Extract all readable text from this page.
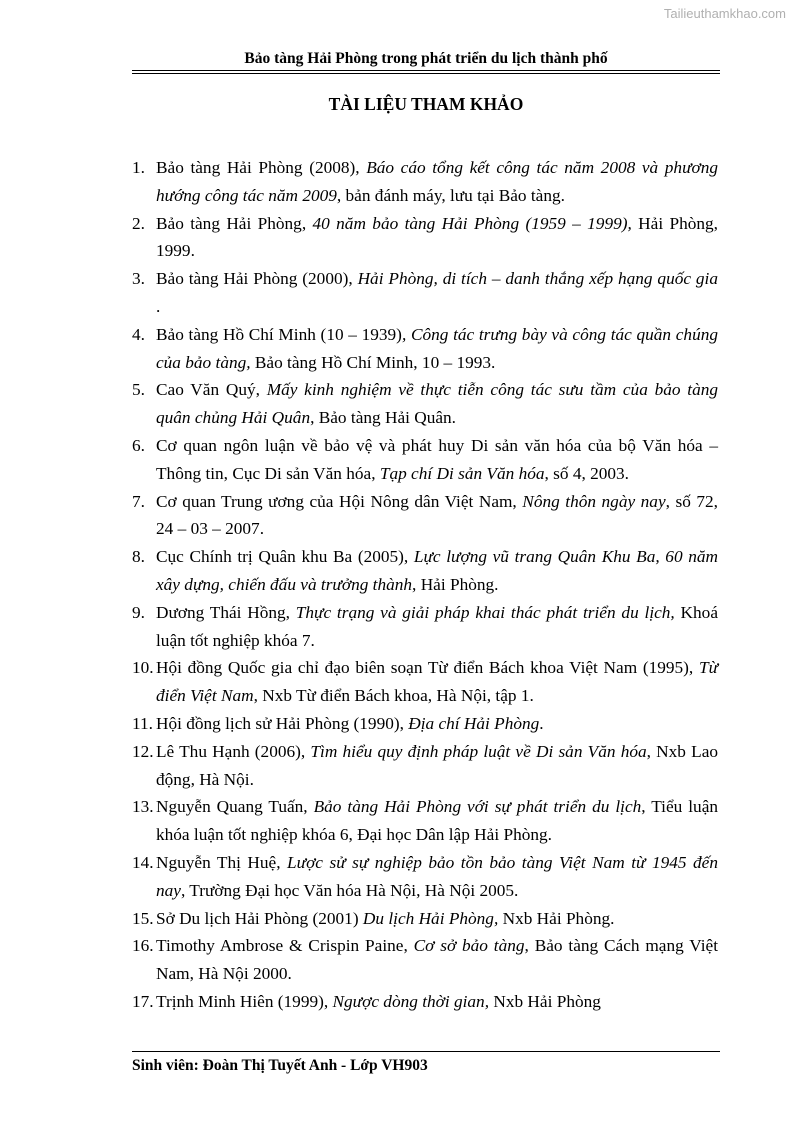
Tailieuthamkhao.com
Bảo tàng Hải Phòng trong phát triển du lịch thành phố
TÀI LIỆU THAM KHẢO
1. Bảo tàng Hải Phòng (2008), Báo cáo tổng kết công tác năm 2008 và phương hướng công tác năm 2009, bản đánh máy, lưu tại Bảo tàng.
2. Bảo tàng Hải Phòng, 40 năm bảo tàng Hải Phòng (1959 – 1999), Hải Phòng, 1999.
3. Bảo tàng Hải Phòng (2000), Hải Phòng, di tích – danh thắng xếp hạng quốc gia .
4. Bảo tàng Hồ Chí Minh (10 – 1939), Công tác trưng bày và công tác quần chúng của bảo tàng, Bảo tàng Hồ Chí Minh, 10 – 1993.
5. Cao Văn Quý, Mấy kinh nghiệm về thực tiễn công tác sưu tầm của bảo tàng quân chủng Hải Quân, Bảo tàng Hải Quân.
6. Cơ quan ngôn luận về bảo vệ và phát huy Di sản văn hóa của bộ Văn hóa – Thông tin, Cục Di sản Văn hóa, Tạp chí Di sản Văn hóa, số 4, 2003.
7. Cơ quan Trung ương của Hội Nông dân Việt Nam, Nông thôn ngày nay, số 72, 24 – 03 – 2007.
8. Cục Chính trị Quân khu Ba (2005), Lực lượng vũ trang Quân Khu Ba, 60 năm xây dựng, chiến đấu và trưởng thành, Hải Phòng.
9. Dương Thái Hồng, Thực trạng và giải pháp khai thác phát triển du lịch, Khoá luận tốt nghiệp khóa 7.
10. Hội đồng Quốc gia chỉ đạo biên soạn Từ điển Bách khoa Việt Nam (1995), Từ điển Việt Nam, Nxb Từ điển Bách khoa, Hà Nội, tập 1.
11. Hội đồng lịch sử Hải Phòng (1990), Địa chí Hải Phòng.
12. Lê Thu Hạnh (2006), Tìm hiểu quy định pháp luật về Di sản Văn hóa, Nxb Lao động, Hà Nội.
13. Nguyễn Quang Tuấn, Bảo tàng Hải Phòng với sự phát triển du lịch, Tiểu luận khóa luận tốt nghiệp khóa 6, Đại học Dân lập Hải Phòng.
14. Nguyễn Thị Huệ, Lược sử sự nghiệp bảo tồn bảo tàng Việt Nam từ 1945 đến nay, Trường Đại học Văn hóa Hà Nội, Hà Nội 2005.
15. Sở Du lịch Hải Phòng (2001) Du lịch Hải Phòng, Nxb Hải Phòng.
16. Timothy Ambrose & Crispin Paine, Cơ sở bảo tàng, Bảo tàng Cách mạng Việt Nam, Hà Nội 2000.
17. Trịnh Minh Hiên (1999), Ngược dòng thời gian, Nxb Hải Phòng
Sinh viên: Đoàn Thị Tuyết Anh - Lớp VH903
